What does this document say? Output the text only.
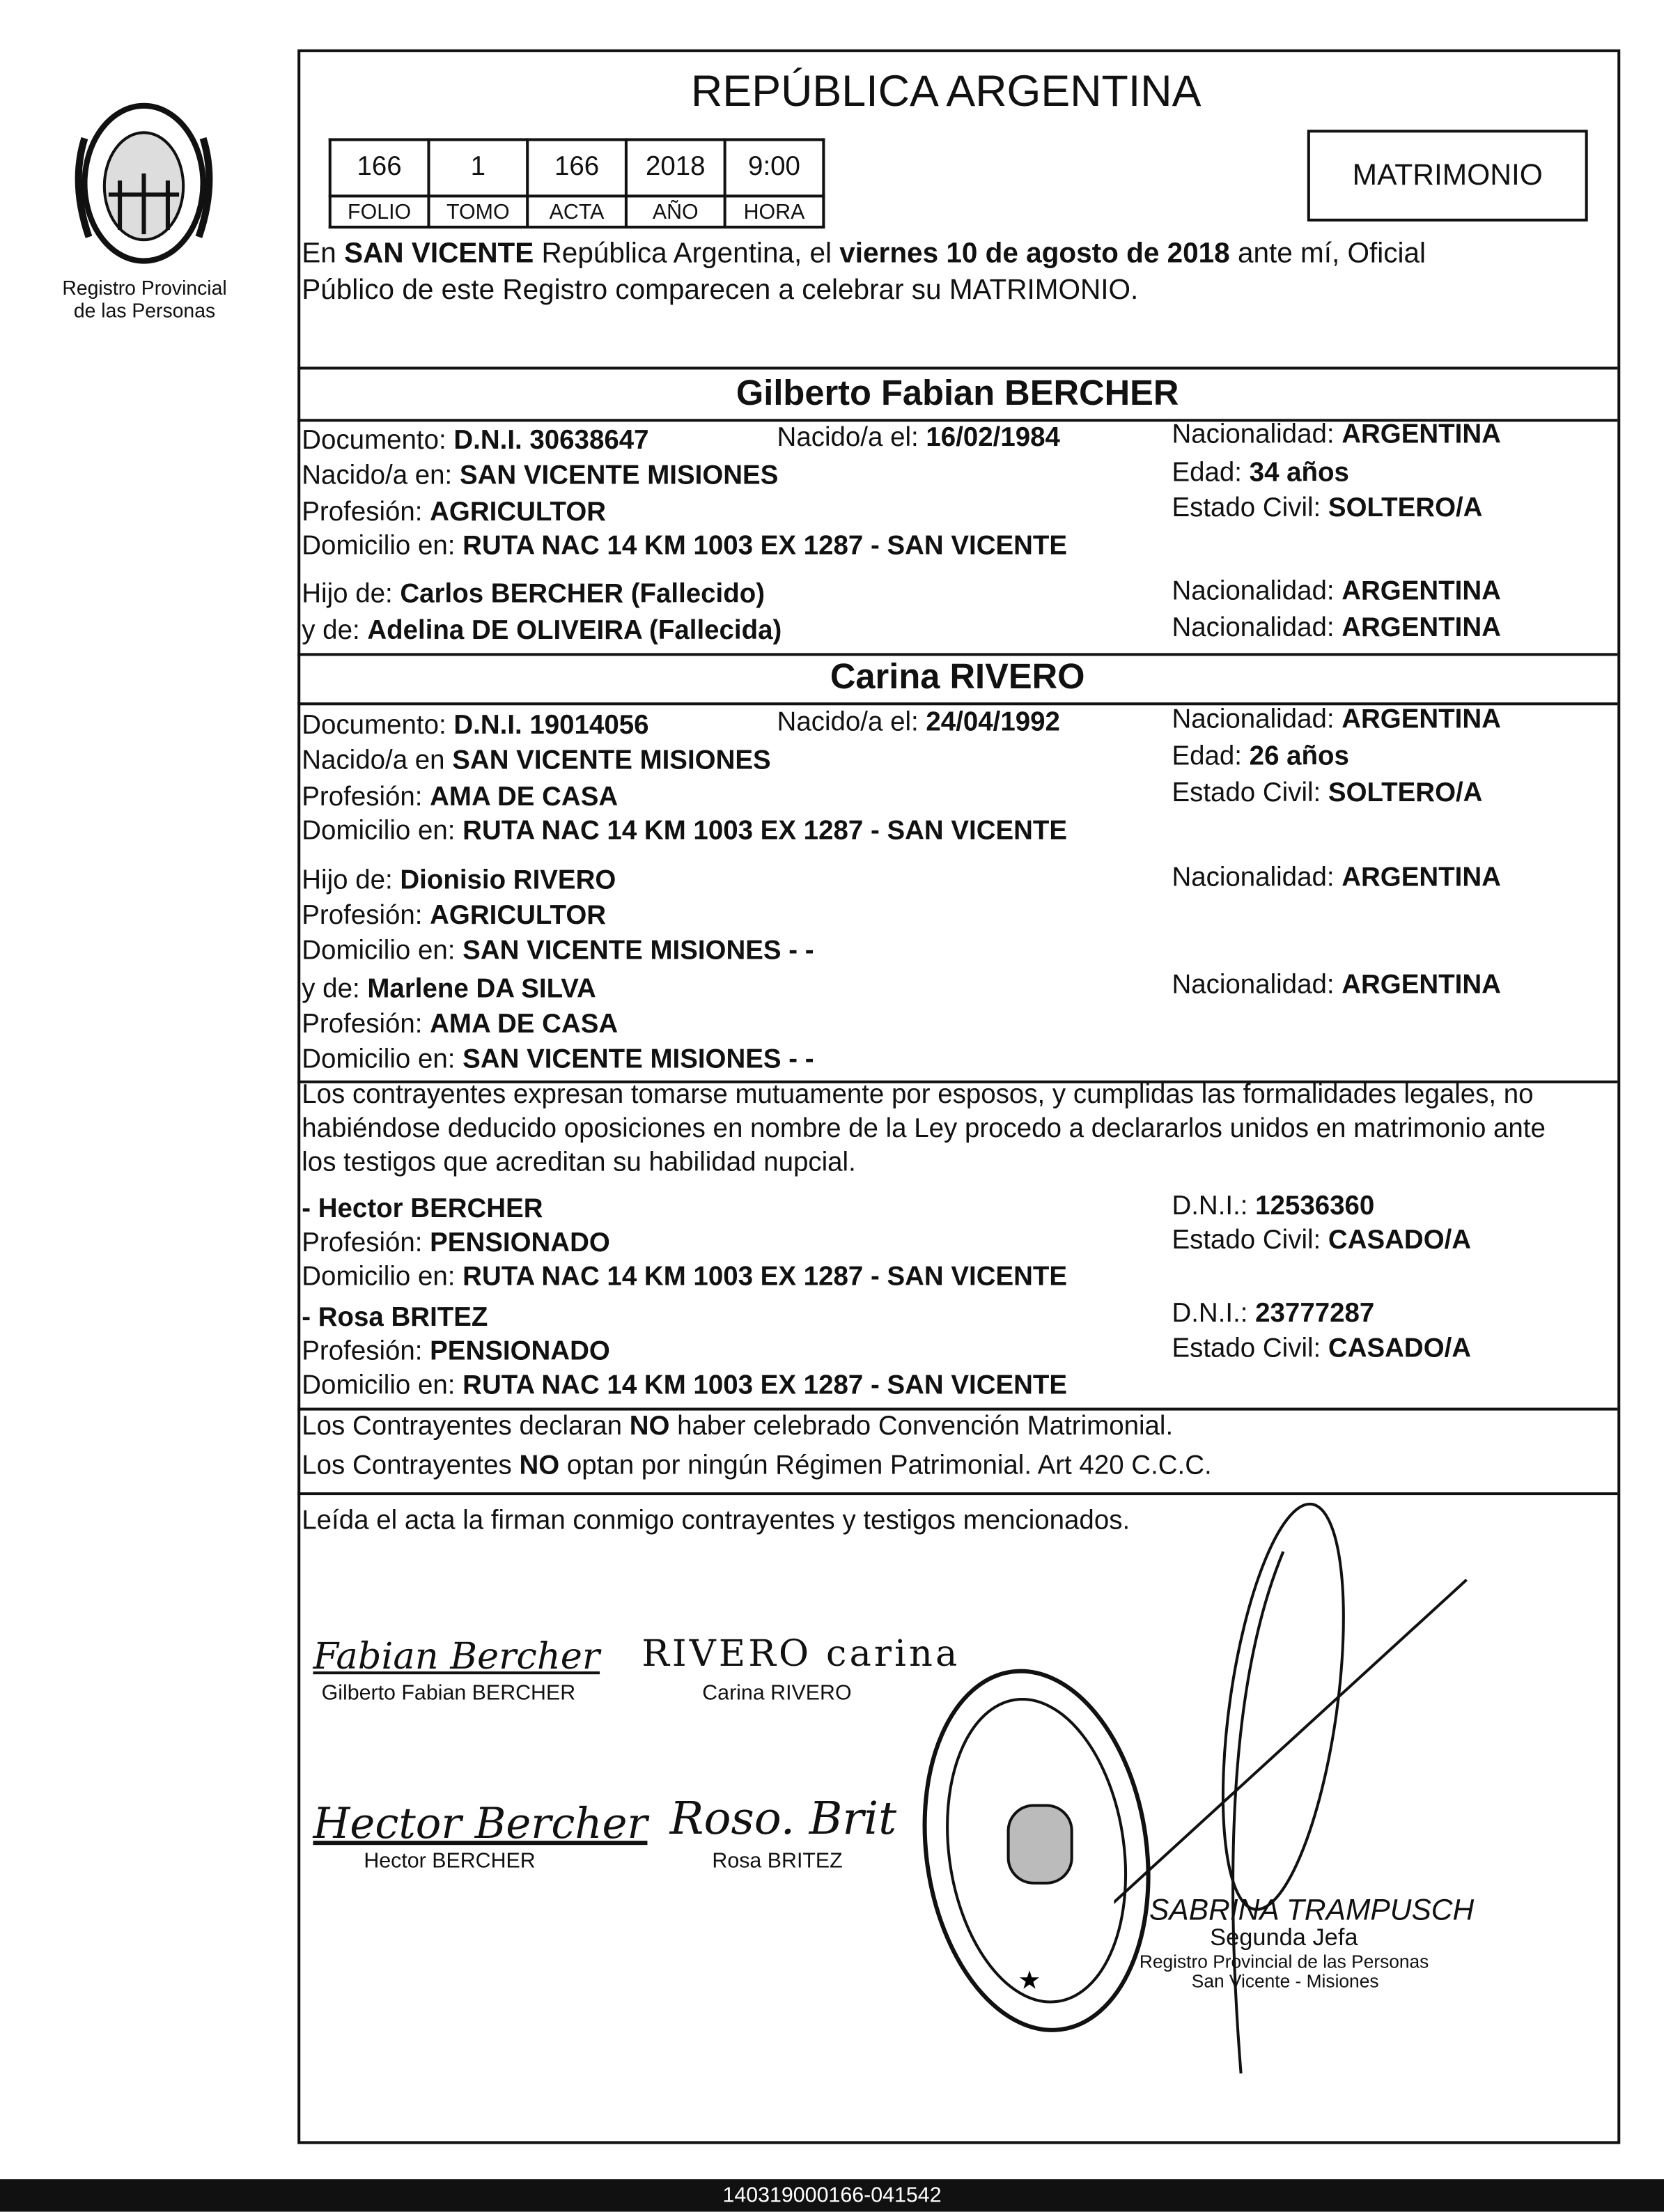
Registro Provincial
de las Personas
REPÚBLICA ARGENTINA
166	1	166	2018	9:00
FOLIO	TOMO	ACTA	AÑO	HORA
MATRIMONIO
En SAN VICENTE República Argentina, el viernes 10 de agosto de 2018 ante mí, Oficial
Público de este Registro comparecen a celebrar su MATRIMONIO.
Gilberto Fabian BERCHER
Documento: D.N.I. 30638647	Nacido/a el: 16/02/1984	Nacionalidad: ARGENTINA
Nacido/a en: SAN VICENTE MISIONES	Edad: 34 años
Profesión: AGRICULTOR	Estado Civil: SOLTERO/A
Domicilio en: RUTA NAC 14 KM 1003 EX 1287 - SAN VICENTE
Hijo de: Carlos BERCHER (Fallecido)	Nacionalidad: ARGENTINA
y de: Adelina DE OLIVEIRA (Fallecida)	Nacionalidad: ARGENTINA
Carina RIVERO
Documento: D.N.I. 19014056	Nacido/a el: 24/04/1992	Nacionalidad: ARGENTINA
Nacido/a en SAN VICENTE MISIONES	Edad: 26 años
Profesión: AMA DE CASA	Estado Civil: SOLTERO/A
Domicilio en: RUTA NAC 14 KM 1003 EX 1287 - SAN VICENTE
Hijo de: Dionisio RIVERO	Nacionalidad: ARGENTINA
Profesión: AGRICULTOR
Domicilio en: SAN VICENTE MISIONES - -
y de: Marlene DA SILVA	Nacionalidad: ARGENTINA
Profesión: AMA DE CASA
Domicilio en: SAN VICENTE MISIONES - -
Los contrayentes expresan tomarse mutuamente por esposos, y cumplidas las formalidades legales, no
habiéndose deducido oposiciones en nombre de la Ley procedo a declararlos unidos en matrimonio ante
los testigos que acreditan su habilidad nupcial.
- Hector BERCHER	D.N.I.: 12536360
Profesión: PENSIONADO	Estado Civil: CASADO/A
Domicilio en: RUTA NAC 14 KM 1003 EX 1287 - SAN VICENTE
- Rosa BRITEZ	D.N.I.: 23777287
Profesión: PENSIONADO	Estado Civil: CASADO/A
Domicilio en: RUTA NAC 14 KM 1003 EX 1287 - SAN VICENTE
Los Contrayentes declaran NO haber celebrado Convención Matrimonial.
Los Contrayentes NO optan por ningún Régimen Patrimonial. Art 420 C.C.C.
Leída el acta la firman conmigo contrayentes y testigos mencionados.
Fabian Bercher
Gilberto Fabian BERCHER
RIVERO carina
Carina RIVERO
Hector Bercher
Hector BERCHER
Roso. Brit
Rosa BRITEZ
★
SABRINA TRAMPUSCH
Segunda Jefa
Registro Provincial de las Personas
San Vicente - Misiones
140319000166-041542
